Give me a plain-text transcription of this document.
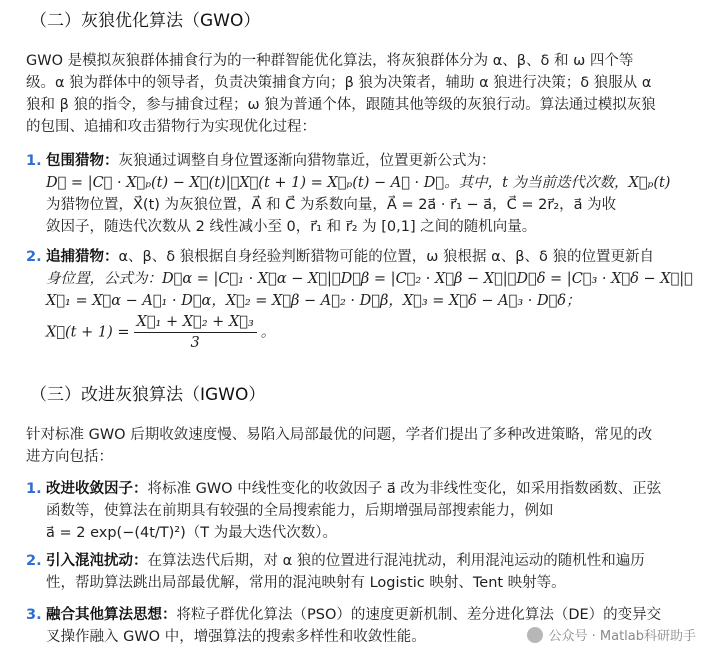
（二）灰狼优化算法（GWO）
GWO 是模拟灰狼群体捕食行为的一种群智能优化算法，将灰狼群体分为 α、β、δ 和 ω 四个等
级。α 狼为群体中的领导者，负责决策捕食方向；β 狼为决策者，辅助 α 狼进行决策；δ 狼服从 α
狼和 β 狼的指令，参与捕食过程；ω 狼为普通个体，跟随其他等级的灰狼行动。算法通过模拟灰狼
的包围、追捕和攻击猎物行为实现优化过程：
1. 包围猎物：灰狼通过调整自身位置逐渐向猎物靠近，位置更新公式为：
D⃗ = |C⃗ · X⃗ₚ(t) − X⃗(t)|，X⃗(t + 1) = X⃗ₚ(t) − A⃗ · D⃗。其中，t 为当前迭代次数，X⃗ₚ(t)
为猎物位置，X⃗(t) 为灰狼位置，A⃗ 和 C⃗ 为系数向量，A⃗ = 2a⃗ · r⃗₁ − a⃗，C⃗ = 2r⃗₂，a⃗ 为收
敛因子，随迭代次数从 2 线性减小至 0，r⃗₁ 和 r⃗₂ 为 [0,1] 之间的随机向量。
2. 追捕猎物：α、β、δ 狼根据自身经验判断猎物可能的位置，ω 狼根据 α、β、δ 狼的位置更新自
身位置，公式为：D⃗α = |C⃗₁ · X⃗α − X⃗|，D⃗β = |C⃗₂ · X⃗β − X⃗|，D⃗δ = |C⃗₃ · X⃗δ − X⃗|；
X⃗₁ = X⃗α − A⃗₁ · D⃗α，X⃗₂ = X⃗β − A⃗₂ · D⃗β，X⃗₃ = X⃗δ − A⃗₃ · D⃗δ；
X⃗(t + $1) = \frac{\text{X⃗₁ + X⃗₂ + X⃗₃}}{3}$ 。
（三）改进灰狼算法（IGWO）
针对标准 GWO 后期收敛速度慢、易陷入局部最优的问题，学者们提出了多种改进策略，常见的改
进方向包括：
1. 改进收敛因子：将标准 GWO 中线性变化的收敛因子 a⃗ 改为非线性变化，如采用指数函数、正弦
函数等，使算法在前期具有较强的全局搜索能力，后期增强局部搜索能力，例如
a⃗ = 2 exp(−(4t/T)²)（T 为最大迭代次数）。
2. 引入混沌扰动：在算法迭代后期，对 α 狼的位置进行混沌扰动，利用混沌运动的随机性和遍历
性，帮助算法跳出局部最优解，常用的混沌映射有 Logistic 映射、Tent 映射等。
3. 融合其他算法思想：将粒子群优化算法（PSO）的速度更新机制、差分进化算法（DE）的变异交
叉操作融入 GWO 中，增强算法的搜索多样性和收敛性能。	公众号 · Matlab科研助手
